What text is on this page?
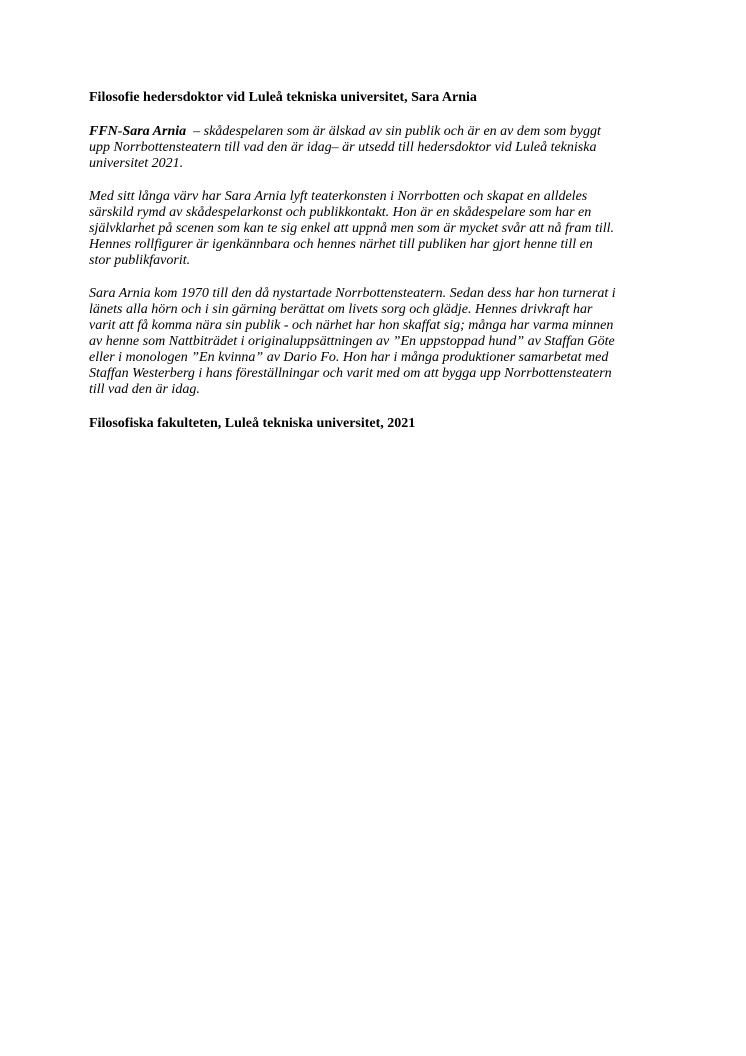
Filosofie hedersdoktor vid Luleå tekniska universitet, Sara Arnia

FFN-Sara Arnia  – skådespelaren som är älskad av sin publik och är en av dem som byggt
upp Norrbottensteatern till vad den är idag– är utsedd till hedersdoktor vid Luleå tekniska
universitet 2021.

Med sitt långa värv har Sara Arnia lyft teaterkonsten i Norrbotten och skapat en alldeles
särskild rymd av skådespelarkonst och publikkontakt. Hon är en skådespelare som har en
självklarhet på scenen som kan te sig enkel att uppnå men som är mycket svår att nå fram till.
Hennes rollfigurer är igenkännbara och hennes närhet till publiken har gjort henne till en
stor publikfavorit.

Sara Arnia kom 1970 till den då nystartade Norrbottensteatern. Sedan dess har hon turnerat i
länets alla hörn och i sin gärning berättat om livets sorg och glädje. Hennes drivkraft har
varit att få komma nära sin publik - och närhet har hon skaffat sig; många har varma minnen
av henne som Nattbiträdet i originaluppsättningen av ”En uppstoppad hund” av Staffan Göte
eller i monologen ”En kvinna” av Dario Fo. Hon har i många produktioner samarbetat med
Staffan Westerberg i hans föreställningar och varit med om att bygga upp Norrbottensteatern
till vad den är idag.

Filosofiska fakulteten, Luleå tekniska universitet, 2021
